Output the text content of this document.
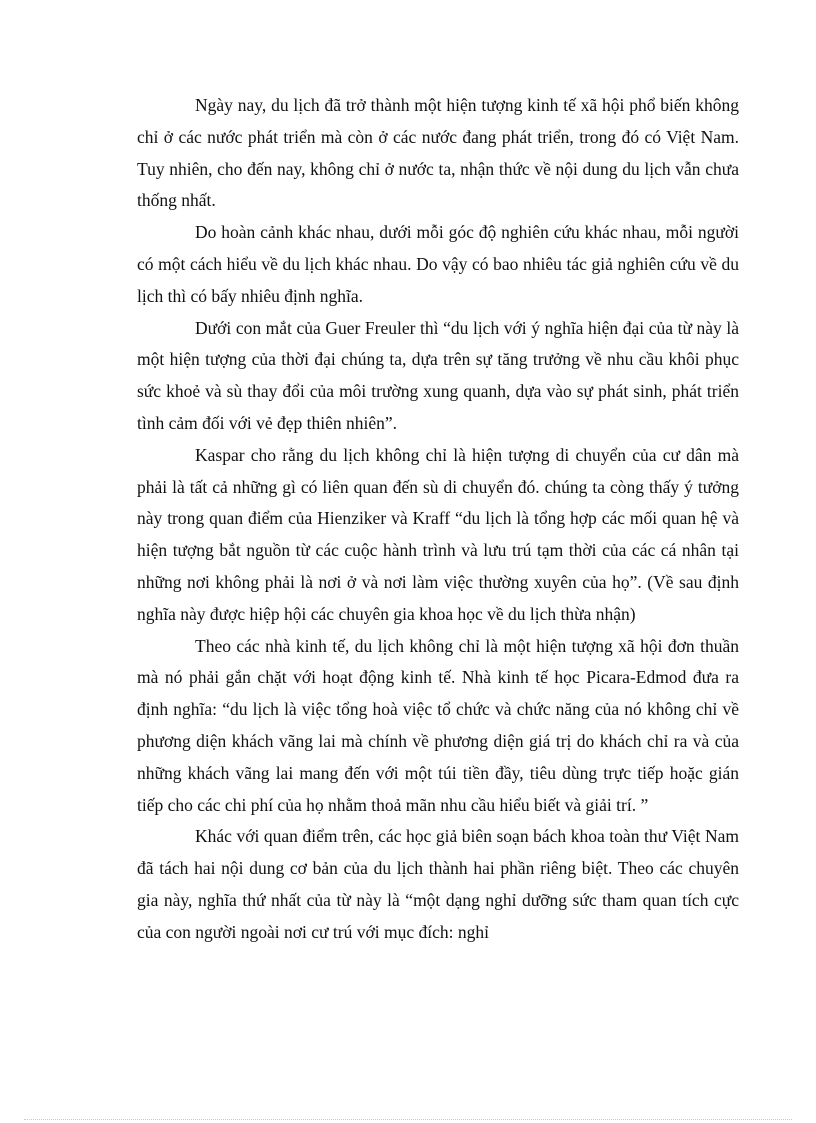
Ngày nay, du lịch đã trở thành một hiện tượng kinh tế xã hội phổ biến không chỉ ở các nước phát triển mà còn ở các nước đang phát triển, trong đó có Việt Nam. Tuy nhiên, cho đến nay, không chỉ ở nước ta, nhận thức về nội dung du lịch vẫn chưa thống nhất.

Do hoàn cảnh khác nhau, dưới mỗi góc độ nghiên cứu khác nhau, mỗi người có một cách hiểu về du lịch khác nhau. Do vậy có bao nhiêu tác giả nghiên cứu về du lịch thì có bấy nhiêu định nghĩa.

Dưới con mắt của Guer Freuler thì “du lịch với ý nghĩa hiện đại của từ này là một hiện tượng của thời đại chúng ta, dựa trên sự tăng trưởng về nhu cầu khôi phục sức khoẻ và sù thay đổi của môi trường xung quanh, dựa vào sự phát sinh, phát triển tình cảm đối với vẻ đẹp thiên nhiên”.

Kaspar cho rằng du lịch không chỉ là hiện tượng di chuyển của cư dân mà phải là tất cả những gì có liên quan đến sù di chuyển đó. chúng ta còng thấy ý tưởng này trong quan điểm của Hienziker và Kraff “du lịch là tổng hợp các mối quan hệ và hiện tượng bắt nguồn từ các cuộc hành trình và lưu trú tạm thời của các cá nhân tại những nơi không phải là nơi ở và nơi làm việc thường xuyên của họ”. (Về sau định nghĩa này được hiệp hội các chuyên gia khoa học về du lịch thừa nhận)

Theo các nhà kinh tế, du lịch không chỉ là một hiện tượng xã hội đơn thuần mà nó phải gắn chặt với hoạt động kinh tế. Nhà kinh tế học Picara-Edmod đưa ra định nghĩa: “du lịch là việc tổng hoà việc tổ chức và chức năng của nó không chỉ về phương diện khách vãng lai mà chính về phương diện giá trị do khách chỉ ra và của những khách vãng lai mang đến với một túi tiền đầy, tiêu dùng trực tiếp hoặc gián tiếp cho các chi phí của họ nhằm thoả mãn nhu cầu hiểu biết và giải trí. ”

Khác với quan điểm trên, các học giả biên soạn bách khoa toàn thư Việt Nam đã tách hai nội dung cơ bản của du lịch thành hai phần riêng biệt. Theo các chuyên gia này, nghĩa thứ nhất của từ này là “một dạng nghỉ dưỡng sức tham quan tích cực của con người ngoài nơi cư trú với mục đích: nghỉ
